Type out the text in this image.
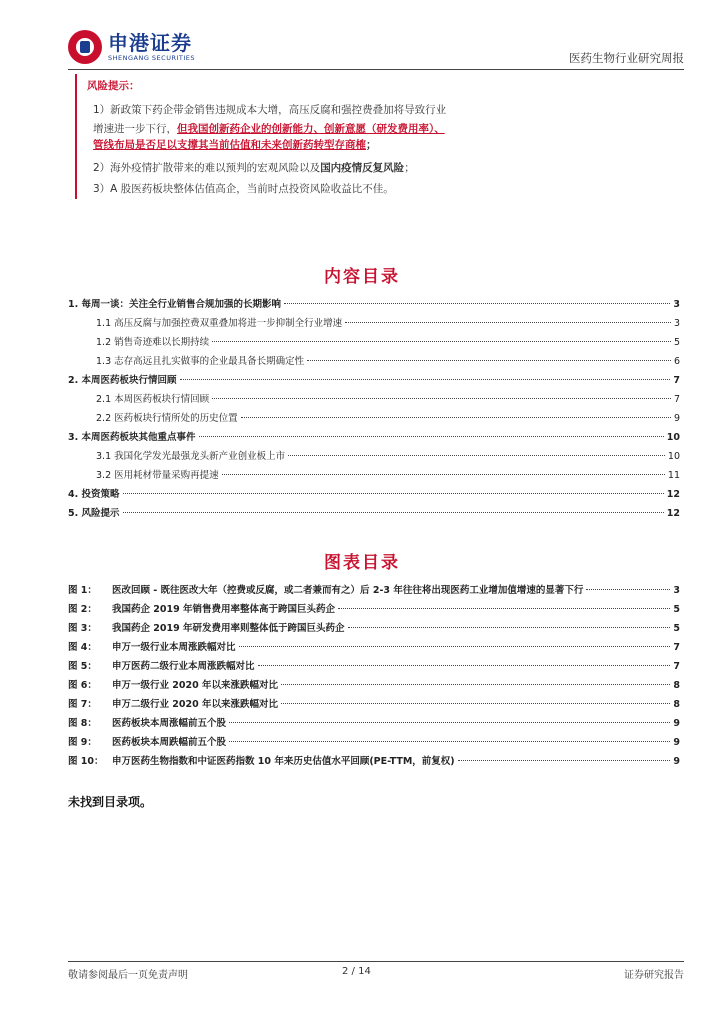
申港证券
SHENGANG SECURITIES	医药生物行业研究周报
风险提示：
1）新政策下药企带金销售违规成本大增，高压反腐和强控费叠加将导致行业
增速进一步下行，但我国创新药企业的创新能力、创新意愿（研发费用率）、
管线布局是否足以支撑其当前估值和未来创新药转型存商榷；
2）海外疫情扩散带来的难以预判的宏观风险以及国内疫情反复风险；
3）A 股医药板块整体估值高企，当前时点投资风险收益比不佳。
内容目录
1. 每周一谈：关注全行业销售合规加强的长期影响	3
1.1 高压反腐与加强控费双重叠加将进一步抑制全行业增速	3
1.2 销售奇迹难以长期持续	5
1.3 志存高远且扎实做事的企业最具备长期确定性	6
2. 本周医药板块行情回顾	7
2.1 本周医药板块行情回顾	7
2.2 医药板块行情所处的历史位置	9
3. 本周医药板块其他重点事件	10
3.1 我国化学发光最强龙头新产业创业板上市	10
3.2 医用耗材带量采购再提速	11
4. 投资策略	12
5. 风险提示	12
图表目录
图 1： 医改回顾 - 既往医改大年（控费或反腐，或二者兼而有之）后 2-3 年往往将出现医药工业增加值增速的显著下行	3
图 2： 我国药企 2019 年销售费用率整体高于跨国巨头药企	5
图 3： 我国药企 2019 年研发费用率则整体低于跨国巨头药企	5
图 4： 申万一级行业本周涨跌幅对比	7
图 5： 申万医药二级行业本周涨跌幅对比	7
图 6： 申万一级行业 2020 年以来涨跌幅对比	8
图 7： 申万二级行业 2020 年以来涨跌幅对比	8
图 8： 医药板块本周涨幅前五个股	9
图 9： 医药板块本周跌幅前五个股	9
图 10： 申万医药生物指数和中证医药指数 10 年来历史估值水平回顾(PE-TTM，前复权)	9
未找到目录项。
敬请参阅最后一页免责声明	2 / 14	证券研究报告
